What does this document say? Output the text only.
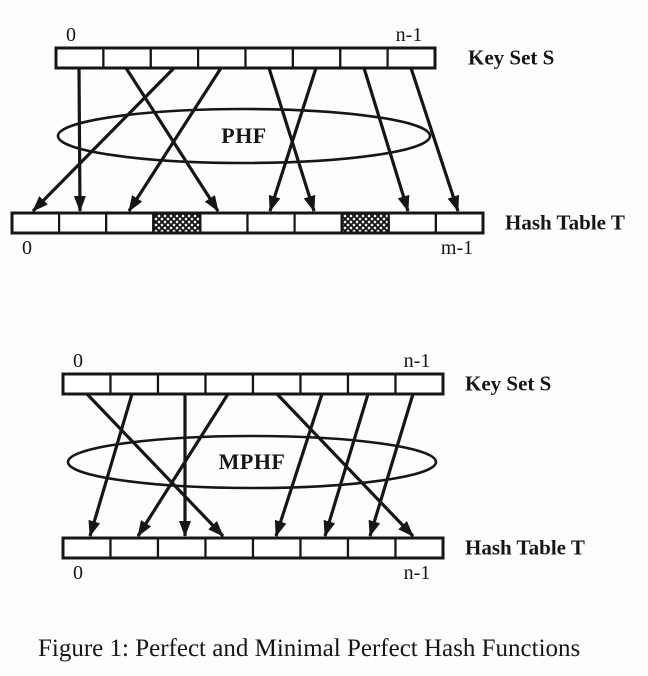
0	n-1
Key Set S
PHF
0	m-1
Hash Table T
0	n-1
Key Set S
MPHF
0	n-1
Hash Table T
Figure 1: Perfect and Minimal Perfect Hash Functions
